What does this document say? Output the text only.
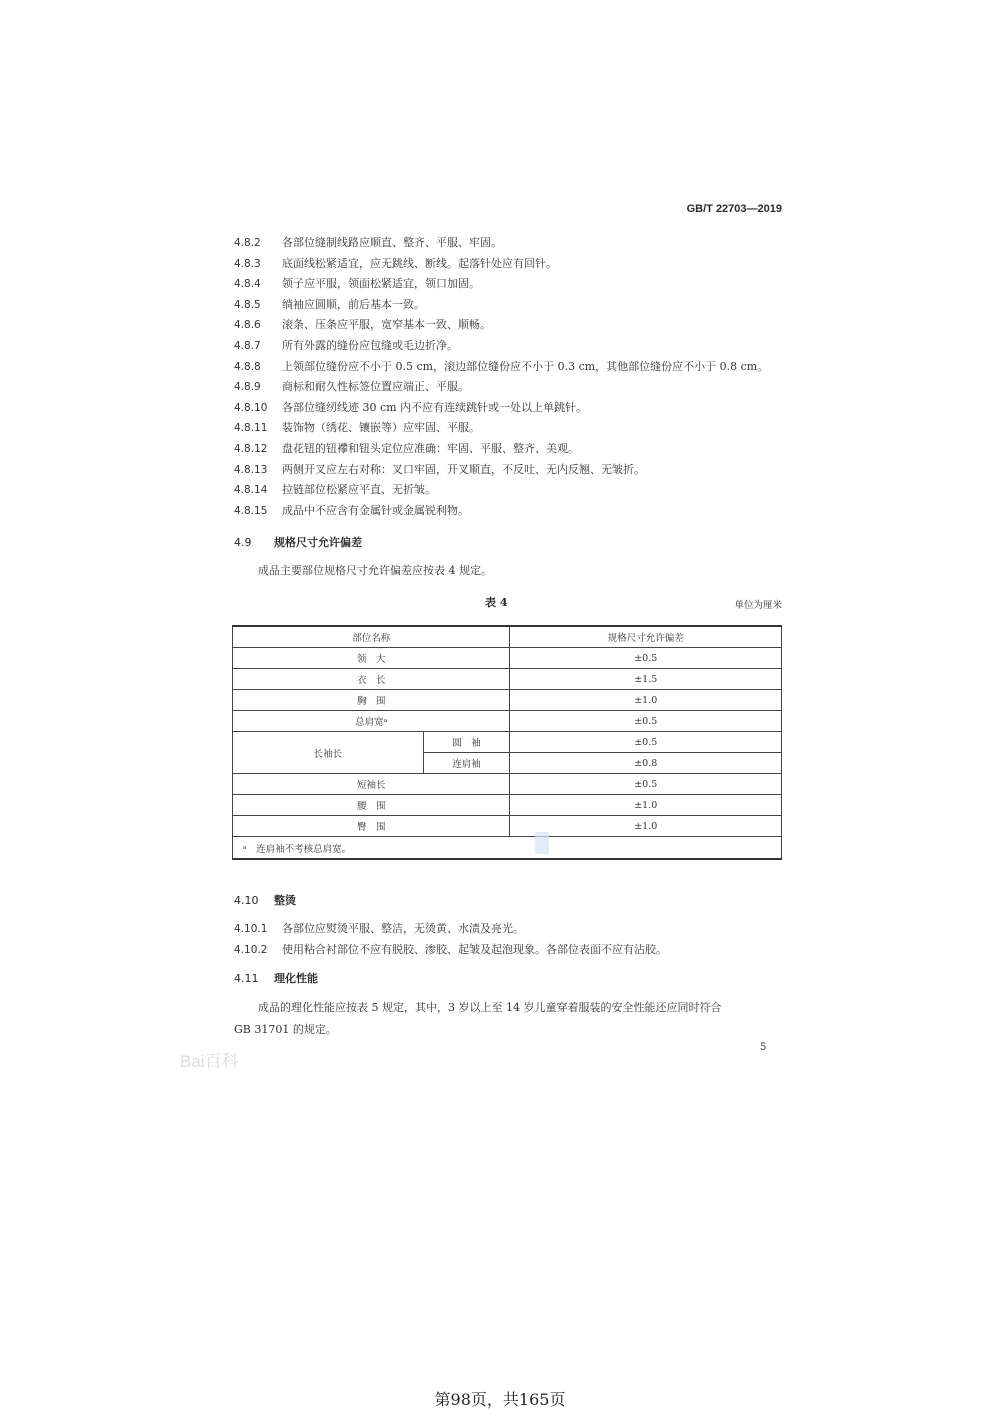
GB/T 22703—2019
4.8.2 各部位缝制线路应顺直、整齐、平服、牢固。
4.8.3 底面线松紧适宜，应无跳线、断线。起落针处应有回针。
4.8.4 领子应平服，领面松紧适宜，领口加固。
4.8.5 绱袖应圆顺，前后基本一致。
4.8.6 滚条、压条应平服，宽窄基本一致、顺畅。
4.8.7 所有外露的缝份应包缝或毛边折净。
4.8.8 上领部位缝份应不小于 0.5 cm，滚边部位缝份应不小于 0.3 cm，其他部位缝份应不小于 0.8 cm。
4.8.9 商标和耐久性标签位置应端正、平服。
4.8.10 各部位缝纫线迹 30 cm 内不应有连续跳针或一处以上单跳针。
4.8.11 装饰物（绣花、镶嵌等）应牢固、平服。
4.8.12 盘花钮的钮襻和钮头定位应准确：牢固、平服、整齐、美观。
4.8.13 两侧开叉应左右对称：叉口牢固，开叉顺直，不反吐、无内反翘、无皱折。
4.8.14 拉链部位松紧应平直、无折皱。
4.8.15 成品中不应含有金属针或金属锐利物。
4.9 规格尺寸允许偏差
成品主要部位规格尺寸允许偏差应按表 4 规定。
表 4	单位为厘米
部位名称		规格尺寸允许偏差
领　大		±0.5
衣　长		±1.5
胸　围		±1.0
总肩宽ᵃ		±0.5
长袖长	圆　袖	±0.5
	连肩袖	±0.8
短袖长		±0.5
腰　围		±1.0
臀　围		±1.0
ᵃ　连肩袖不考核总肩宽。		
4.10 整烫
4.10.1 各部位应熨烫平服、整洁，无烫黄、水渍及亮光。
4.10.2 使用粘合衬部位不应有脱胶、渗胶、起皱及起泡现象。各部位表面不应有沾胶。
4.11 理化性能
成品的理化性能应按表 5 规定，其中，3 岁以上至 14 岁儿童穿着服装的安全性能还应同时符合
GB 31701 的规定。
5
Bai百科
第98页，共165页
